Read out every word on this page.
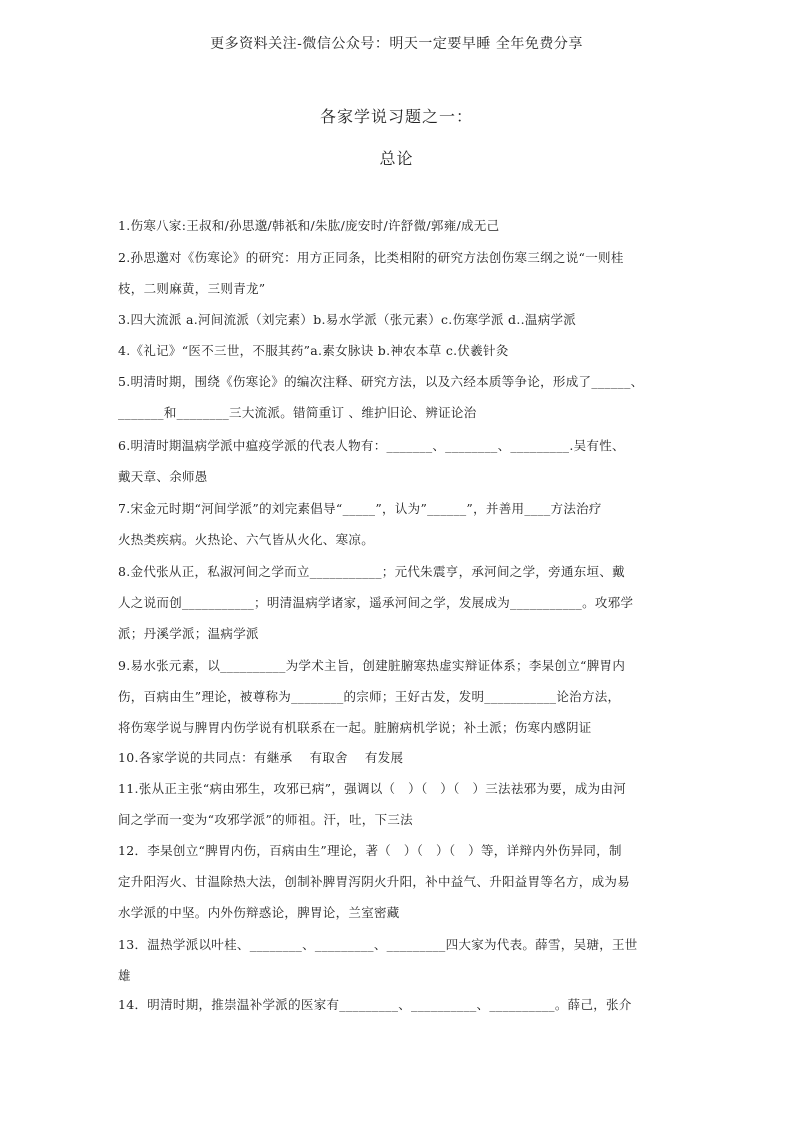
更多资料关注-微信公众号：明天一定要早睡 全年免费分享
各家学说习题之一：
总论
1.伤寒八家:王叔和/孙思邈/韩祇和/朱肱/庞安时/许舒微/郭雍/成无己
2.孙思邈对《伤寒论》的研究：用方正同条，比类相附的研究方法创伤寒三纲之说“一则桂
枝，二则麻黄，三则青龙”
3.四大流派 a.河间流派（刘完素）b.易水学派（张元素）c.伤寒学派 d..温病学派
4.《礼记》“医不三世，不服其药”a.素女脉诀 b.神农本草 c.伏羲针灸
5.明清时期，围绕《伤寒论》的编次注释、研究方法，以及六经本质等争论，形成了______、
_______和________三大流派。错简重订 、维护旧论、辨证论治
6.明清时期温病学派中瘟疫学派的代表人物有：_______、________、_________.吴有性、
戴天章、余师愚
7.宋金元时期“河间学派”的刘完素倡导“_____”，认为”______”，并善用____方法治疗
火热类疾病。火热论、六气皆从火化、寒凉。
8.金代张从正，私淑河间之学而立___________；元代朱震亨，承河间之学，旁通东垣、戴
人之说而创___________；明清温病学诸家，遥承河间之学，发展成为___________。攻邪学
派；丹溪学派；温病学派
9.易水张元素，以__________为学术主旨，创建脏腑寒热虚实辩证体系；李杲创立“脾胃内
伤，百病由生”理论，被尊称为________的宗师；王好古发，发明___________论治方法，
将伤寒学说与脾胃内伤学说有机联系在一起。脏腑病机学说；补土派；伤寒内感阴证
10.各家学说的共同点：有継承　 有取舍　 有发展
11.张从正主张“病由邪生，攻邪已病”，强调以（　）（　）（　）三法祛邪为要，成为由河
间之学而一变为“攻邪学派”的师祖。汗，吐，下三法
12．李杲创立“脾胃内伤，百病由生”理论，著（　）（　）（　）等，详辩内外伤异同，制
定升阳泻火、甘温除热大法，创制补脾胃泻阴火升阳，补中益气、升阳益胃等名方，成为易
水学派的中坚。内外伤辩惑论，脾胃论，兰室密藏
13．温热学派以叶桂、________、_________、_________四大家为代表。薛雪，吴瑭，王世
雄
14．明清时期，推崇温补学派的医家有_________、__________、__________。薛己，张介
